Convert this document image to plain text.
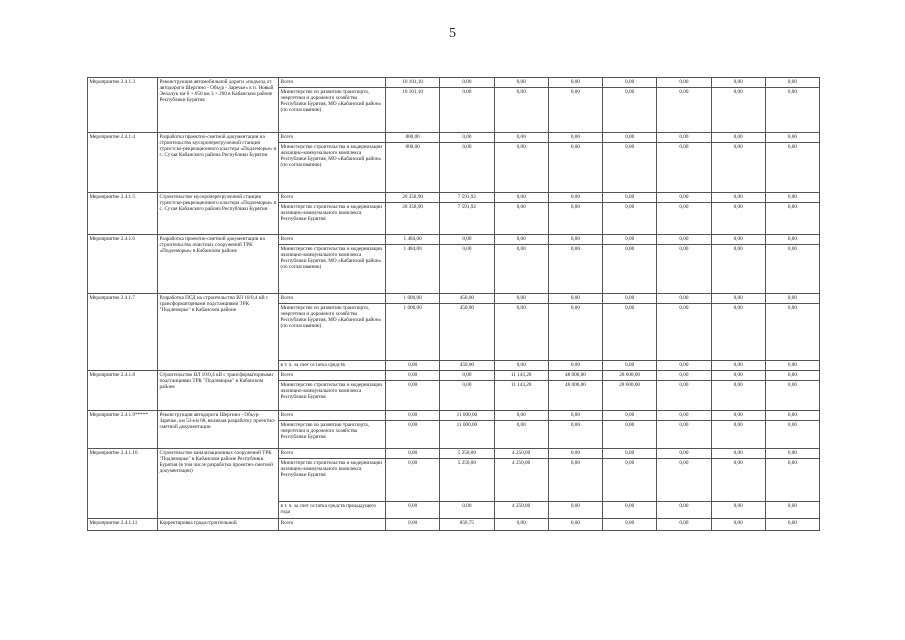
5
Мероприятие 2.4.1.3	Реконструкция автомобильной дороги «подъезд от автодороги Шергино - Обьур - Заречье» к п. Новый Энхалук км 0 + 050 км 3 + 200 в Кабанском районе Республики Бурятия	Всего	10 101,10	0,00	0,00	0,00	0,00	0,00	0,00	0,00
		Министерство по развитию транспорта, энергетики и дорожного хозяйства Республики Бурятия, МО «Кабанский район» (по согласованию)	10 101,10	0,00	0,00	0,00	0,00	0,00	0,00	0,00
Мероприятие 2.4.1.4	Разработка проектно-сметной документации на строительство мусороперегрузочной станции туристско-рекреационного кластера «Подлеморье» в с. Сухая Кабанского района Республики Бурятия	Всего	800,00	0,00	0,00	0,00	0,00	0,00	0,00	0,00
		Министерство строительства и модернизации жилищно-коммунального комплекса Республики Бурятия, МО «Кабанский район» (по согласованию)	800,00	0,00	0,00	0,00	0,00	0,00	0,00	0,00
Мероприятие 2.4.1.5	Строительство мусороперегрузочной станции туристско-рекреационного кластера «Подлеморье» в с. Сухая Кабанского района Республики Бурятия	Всего	20 358,90	7 591,92	0,00	0,00	0,00	0,00	0,00	0,00
		Министерство строительства и модернизации жилищно-коммунального комплекса Республики Бурятия	20 358,90	7 591,92	0,00	0,00	0,00	0,00	0,00	0,00
Мероприятие 2.4.1.6	Разработка проектно-сметной документации на строительство очистных сооружений ТРК «Подлеморье» в Кабанском районе	Всего	1 484,00	0,00	0,00	0,00	0,00	0,00	0,00	0,00
		Министерство строительства и модернизации жилищно-коммунального комплекса Республики Бурятия, МО «Кабанский район» (по согласованию)	1 484,00	0,00	0,00	0,00	0,00	0,00	0,00	0,00
Мероприятие 2.4.1.7	Разработка ПСД на строительство ВЛ 10/0,4 кВ с трансформаторными подстанциями ТРК "Подлеморье" в Кабанском районе	Всего	1 000,00	450,00	0,00	0,00	0,00	0,00	0,00	0,00
		Министерство по развитию транспорта, энергетики и дорожного хозяйства Республики Бурятия, МО «Кабанский район» (по согласованию)	1 000,00	450,00	0,00	0,00	0,00	0,00	0,00	0,00
		в т. ч. за счет остатка средств	0,00	450,00	0,00	0,00	0,00	0,00	0,00	0,00
Мероприятие 2.4.1.8	Строительство ВЛ 10/0,4 кВ с трансформаторными подстанциями ТРК "Подлеморье" в Кабанском районе	Всего	0,00	0,00	11 143,20	48 000,00	28 600,00	0,00	0,00	0,00
		Министерство строительства и модернизации жилищно-коммунального комплекса Республики Бурятия	0,00	0,00	11 143,20	48 000,00	28 600,00	0,00	0,00	0,00
Мероприятие 2.4.1.9*****	Реконструкция автодороги Шергино - Обьур-Заречье, км 53-км 68, включая разработку проектно-сметной документации	Всего	0,00	11 000,00	0,00	0,00	0,00	0,00	0,00	0,00
		Министерство по развитию транспорта, энергетики и дорожного хозяйства Республики Бурятия	0,00	11 000,00	0,00	0,00	0,00	0,00	0,00	0,00
Мероприятие 2.4.1.10	Строительство канализационных сооружений ТРК "Подлеморье" в Кабанском районе Республики Бурятия (в том числе разработка проектно-сметной документации)	Всего	0,00	5 250,00	4 250,00	0,00	0,00	0,00	0,00	0,00
		Министерство строительства и модернизации жилищно-коммунального комплекса Республики Бурятия	0,00	5 250,00	4 250,00	0,00	0,00	0,00	0,00	0,00
		в т. ч. за счет остатка средств предыдущего года	0,00	0,00	4 250,00	0,00	0,00	0,00	0,00	0,00
Мероприятие 2.4.1.11	Корректировка градостроительной	Всего	0,00	850,75	0,00	0,00	0,00	0,00	0,00	0,00
